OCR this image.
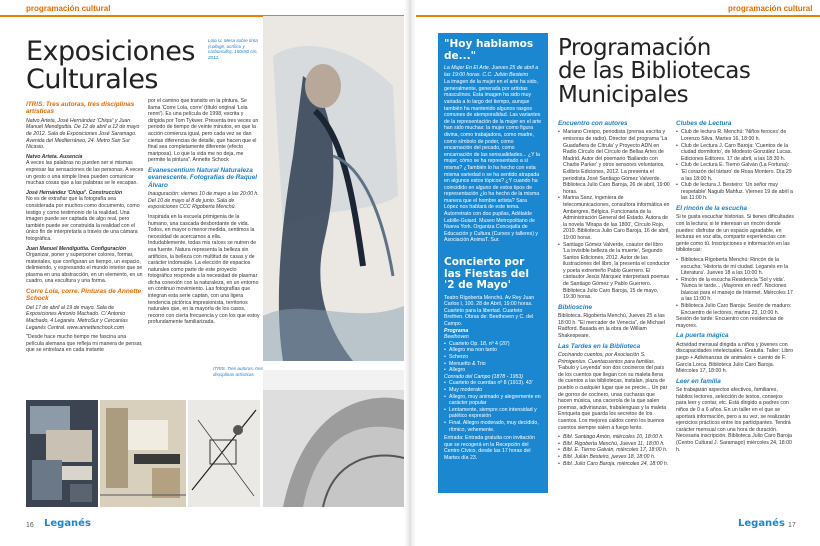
programación cultural
Exposiciones
Culturales
Lola U. Mesa sobre tinta (collage, acrílico y carboncillo), 150x50 cm, 2012.
ITRIS. Tres autoras, tres disciplinas artísticas

Natvo Arteta, José Hernández 'Chiqui' y Juan Manuel Mendiguttia. De 12 de abril a 12 de mayo de 2012. Sala de Exposiciones José Saramago. Avenida del Mediterráneo, 24. Metro San Sur Nicasio.

Natvo Arteta. Ausencia

A veces las palabras no pueden ser si mismas expresar las sensaciones de las personas. A veces un gesto o una simple línea pueden comunicar muchas cosas que a las palabras se le escapan.

José Hernández 'Chiqui'. Construcción

No es de extrañar que la fotografía sea considerada por muchos como documento, como testigo y como testimonio de la realidad. Una imagen puede ser captada de algo real, pero también puede ser construida la realidad con el único fin de interpretarla a través de una cámara fotográfica.

Juan Manuel Mendiguttia. Configuración

Organizar, poner y superponer colores, formar, materiales, que configuran un tiempo, un espacio, delimiendo, y expresando el mundo interior que se plasma en una abstracción, en un elemento, en un cuadro, una escultura y una forma.

Corre Lola, corre. Pinturas de Annette Schock

Del 17 de abril al 19 de mayo. Sala de Exposiciones Antonio Machado. C/ Antonio Machado, 4 Leganés. MetroSur y Cercanías Leganés Central. www.annetteschock.com

"Desde hace mucho tiempo me fascina una película alemana que refleja mi manera de pensar, que se entrelaza en cada instante

por el camino que transito en la pintura. Se llama 'Corre Lola, corre' (título original 'Lola rennt'). Es una película de 1998, escrita y dirigida por Tom Tykwer. Presenta tres veces un periodo de tiempo de veinte minutos, en que la acción comienza igual, pero cada vez se dan ciertas diferencias de detalle, que hacen que el final sea completamente diferente (efecto mariposa). Lo que la vida me no deja, me permite la pintura". Annette Schock

Evanescentium Natural Naturaleza evanescente. Fotografías de Raquel Álvaro

Inauguración: viernes 10 de mayo a las 20:00 h. Del 10 de mayo al 8 de junio. Sala de exposiciones CCC Rigoberta Menchú.

Inspirada en la escuela primigenia de la humano, una cascada desbordante de vida. Todos, en mayor o menor medida, sentimos la necesidad de acercarnos a ella. Indudablemente, todas mis raíces se nutren de esa fuente. Natura representa la belleza sin artificios, la belleza con multitud de casas y de carácter indomable. La elección de espacios naturales como parte de este proyecto fotográfico responde a la necesidad de plasmar dicha conexión con la naturaleza, en un entorno en continuo movimiento. Las fotografías que integran esta serie captan, con una ligera tendencia pictórica impresionista, territorios naturales que, en la mayoría de los casos, recorro con cierta frecuencia y con los que estoy profundamente familiarizada.

ITRIS. Tres autoras, tres disciplinas artísticas
16 Leganés
programación cultural
Programación
de las Bibliotecas
Municipales
17
Leganés
"Hoy hablamos de..."
La Mujer En El Arte. Jueves 25 de abril a las 19:00 horas. C.C. Julián Besteiro
La imagen de la mujer en el arte ha sido, generalmente, generada por artistas masculinos. Esta imagen ha sido muy variada a lo largo del tiempo, aunque también ha mantenido algunos rasgos comunes de atemporalidad. Las variantes de la representación de la mujer en el arte han sido muchas: la mujer como figura divina, como trabajadora, como madre, como símbolo de poder, como encarnación del pecado, como encarnación de las sensualidades... ¿Y la mujer, cómo se ha representado a sí misma? ¿También lo ha hecho con esta misma variedad o se ha sentido atrapada en algunos estos tópicos? ¿Y cuando ha coincidido en alguno de estos tipos de representación ¿lo ha hecho de la misma manera que el hombre artista? Sara López nos hablará de este tema. Autorretrato con dos pupilas, Adélaïde Labille-Guiard. Museo Metropolitano de Nueva York. Organiza Concejalía de Educación y Cultura (Cursos y talleres) y Asociación AnimaT. Sur.
Concierto por las Fiestas del '2 de Mayo'
Teatro Rigoberta Menchú. Av Rey Juan Carlos I, 100. 28 de Abril, 19:00 horas. Cuarteto para la libertad. Cuarteto Brethen. Obras de: Beethoven y C. del Campo.
Programa
Beethoven
• Cuarteto Op. 18, nº 4 (20')
• Allegro ma non tanto
• Scherzo
• Menuetto & Trio
• Allegro
Conrado del Campo (1878 - 1953)
• Cuarteto de cuerdas nº 8 (1913). 43'
• Muy moderato
• Allegro, muy animado y alegremente en carácter popular
• Lentamente, siempre con intensidad y patético expresión
• Final. Allegro moderado, muy decidido, rítmico, vehemente.
Entrada: Entrada gratuita con invitación que se recogerá en la Recepción del Centro Cívico, desde las 17 horas del Martes día 23.
Encuentro con autores
• Mariano Crespo, periodista (prensa escrita y emisoras de radio). Director del programa 'La Guadañera de Cítrula' y Proyecto ADN en Radio Círculo del Círculo de Bellas Artes de Madrid. Autor del poemario 'Bailando con Charlie Parker' y otros sensores voluntarios, Exlibris Ediciones, 2012. La presenta el periodista José Santiago Gómez Valverde. Biblioteca Julio Caro Baroja, 26 de abril, 19:00 horas.
• Marina Sanz, ingeniera de telecomunicaciones, consultora informática en Ambergres, Bélgica. Funcionaria de la Administración General del Estado. Autora de la novela 'Mirapa de las 1800', Círculo Rojo, 2010. Biblioteca Julio Caro Baroja, 16 de abril, 19:00 horas.
• Santiago Gómez Valverde, coautor del libro 'La invisible belleza de la muerte', Segundo Santos Ediciones, 2012. Autor de las ilustraciones del libro, la presenta el conductor y poeta extremeño Pablo Guerrero. El cantautor Jesús Márquez interpretará poemas de Santiago Gómez y Pablo Guerrero. Biblioteca Julio Caro Baroja, 15 de mayo, 19:30 horas.
Biblioscine

Biblioteca. Rigoberta Menchú, Jueves 25 a las 18:00 h. "El mercader de Venecia", de Michael Radford. Basada en la obra de William Shakespeare.

Las Tardes en la Biblioteca

Cocinando cuentos, por Asociación S. Primigenius. Cuentacuentos para familias.

'Fabulo y Leyenda' son dos cocineros del país de los cuentos que llegan con su maleta llena de cuentos a las bibliotecas, instalan, plaza de pueblo o cualquier lugar que se precie... Un par de gorros de cocinero, unas cucharas que hacen música, una cacerola de la que salen poemas, adivinanzas, trabalenguas y la maleta Enriqueta que guarda los secretos de los cuentos. Los mejores caldos como los buenos cuentos siempre salen a fuego lento.

• Bibl. Santiago Amón, miércoles 10, 18:00 h.
• Bibl. Rigoberta Menchú, Jueves 11, 18:00 h.
• Bibl. E. Tierno Galván, miércoles 17, 18:00 h.
• Bibl. Julián Besteiro, jueves 18, 18:00 h.
• Bibl. Julio Caro Baroja, miércoles 24, 18:00 h.
Clubes de Lectura
• Club de lectura R. Menchú: 'Niños feroces' de Lorenzo Silva. Martes 16, 18:00 h.
• Club de Lectura J. Caro Baroja: 'Cuentos de la ciudad dormitorio', de Modesto González Lucas. Ediciones Editores. 17 de abril, a las 18:30 h.
• Club de Lectura E. Tierno Galván (La Fortuna): 'El corazón del tártaro' de Rosa Montero. Día 29 a las 18:00 h.
• Club de lectura J. Besteiro: 'Un señor muy respetable' Naguib Mahfuz. Viernes 19 de abril a las 11:00 h.
El rincón de la escucha

Si te gusta escuchar historias. Si tienes dificultades con la lectura; si te interesan un rincón donde puedes: disfrutar de un espacio agradable, en lecturas en voz alta, compartir experiencias con gente como tú. Inscripciones e información en las bibliotecas:

• Biblioteca Rigoberta Menchú: Rincón de la escucha: 'Historia de mi ciudad. Leganés en la Literatura'. Jueves 18 a las 10:00 h.
• Rincón de la escucha Residencia 'Sol y vida'. 'Nunca te tarde... ¡Mayores en red!'. Nociones básicas para el manejo de Internet. Miércoles 17 a las 11:00 h.
• Biblioteca Julio Caro Baroja: Sesión de maduro: Encuentro de lectores, martes 23, 10:00 h.

Sesión de tarde: Encuentro con residencias de mayores.

La puerta mágica

Actividad mensual dirigida a niños y jóvenes con discapacidades intelectuales. Gratuita. Taller: Libro juego + Adivinanzas de animales + cuento de F. García Lorca. Biblioteca Julio Caro Baroja. Miércoles 17, 18:00 h.

Leer en familia

Se trabajarán aspectos afectivos, familiares, hábitos lectores, selección de textos, consejos para leer y contar, etc. Está dirigido a padres con niños de 0 a 6 años. En un taller en el que se aportará información, pero a su vez, se realizarán ejercicios prácticos entre los participantes. Tendrá carácter mensual con una hora de duración. Necesaria inscripción. Biblioteca Julio Caro Baroja (Centro Cultural J. Saramago) miércoles 24, 18:00 h.
